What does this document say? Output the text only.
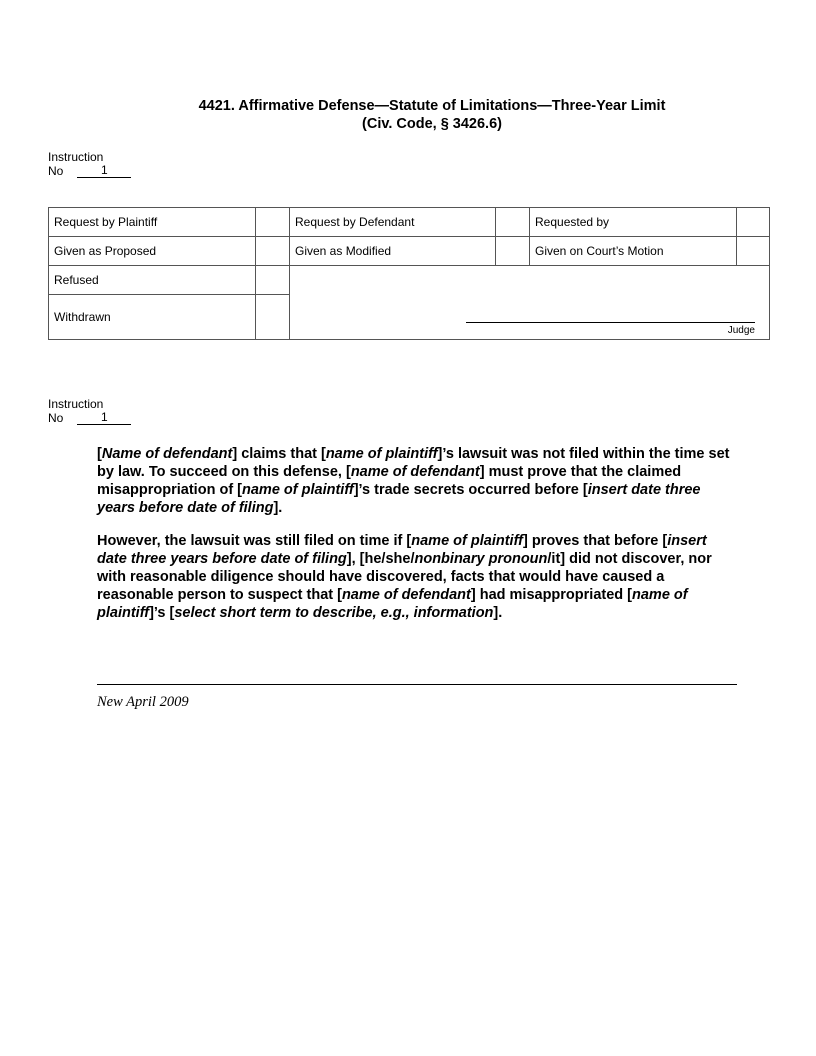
4421. Affirmative Defense—Statute of Limitations—Three-Year Limit
(Civ. Code, § 3426.6)
Instruction
No	1
Request by Plaintiff		Request by Defendant		Requested by	
Given as Proposed		Given as Modified		Given on Court’s Motion	
Refused		Judge			

Withdrawn					
Instruction
No	1

[Name of defendant] claims that [name of plaintiff]’s lawsuit was not filed within the time set by law. To succeed on this defense, [name of defendant] must prove that the claimed misappropriation of [name of plaintiff]’s trade secrets occurred before [insert date three years before date of filing].

However, the lawsuit was still filed on time if [name of plaintiff] proves that before [insert date three years before date of filing], [he/she/nonbinary pronoun/it] did not discover, nor with reasonable diligence should have discovered, facts that would have caused a reasonable person to suspect that [name of defendant] had misappropriated [name of plaintiff]’s [select short term to describe, e.g., information].

New April 2009
